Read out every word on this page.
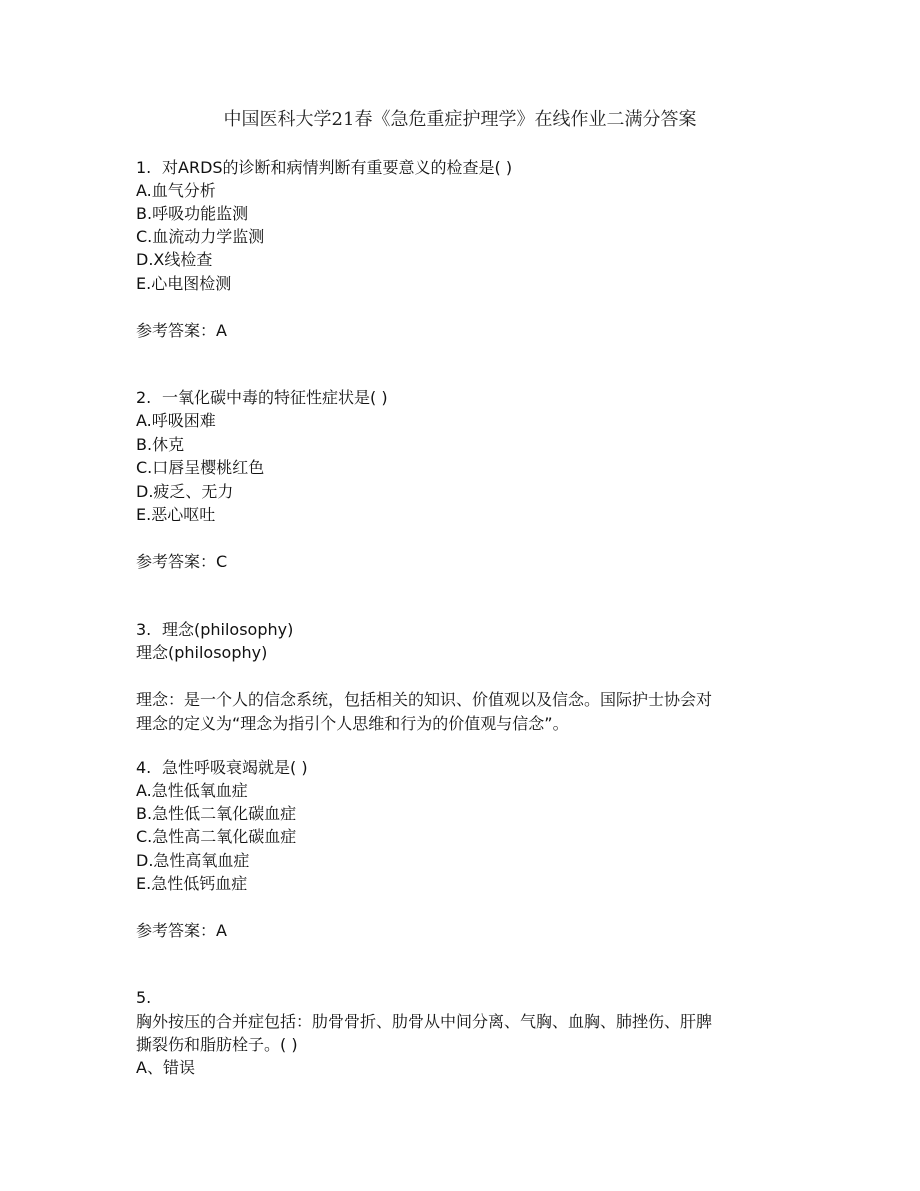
中国医科大学21春《急危重症护理学》在线作业二满分答案
1. 对ARDS的诊断和病情判断有重要意义的检查是( )
A.血气分析
B.呼吸功能监测
C.血流动力学监测
D.X线检查
E.心电图检测
参考答案：A
2. 一氧化碳中毒的特征性症状是( )
A.呼吸困难
B.休克
C.口唇呈樱桃红色
D.疲乏、无力
E.恶心呕吐
参考答案：C
3. 理念(philosophy)
理念(philosophy)
理念：是一个人的信念系统，包括相关的知识、价值观以及信念。国际护士协会对
理念的定义为“理念为指引个人思维和行为的价值观与信念”。
4. 急性呼吸衰竭就是( )
A.急性低氧血症
B.急性低二氧化碳血症
C.急性高二氧化碳血症
D.急性高氧血症
E.急性低钙血症
参考答案：A
5.
胸外按压的合并症包括：肋骨骨折、肋骨从中间分离、气胸、血胸、肺挫伤、肝脾
撕裂伤和脂肪栓子。( )
A、错误
